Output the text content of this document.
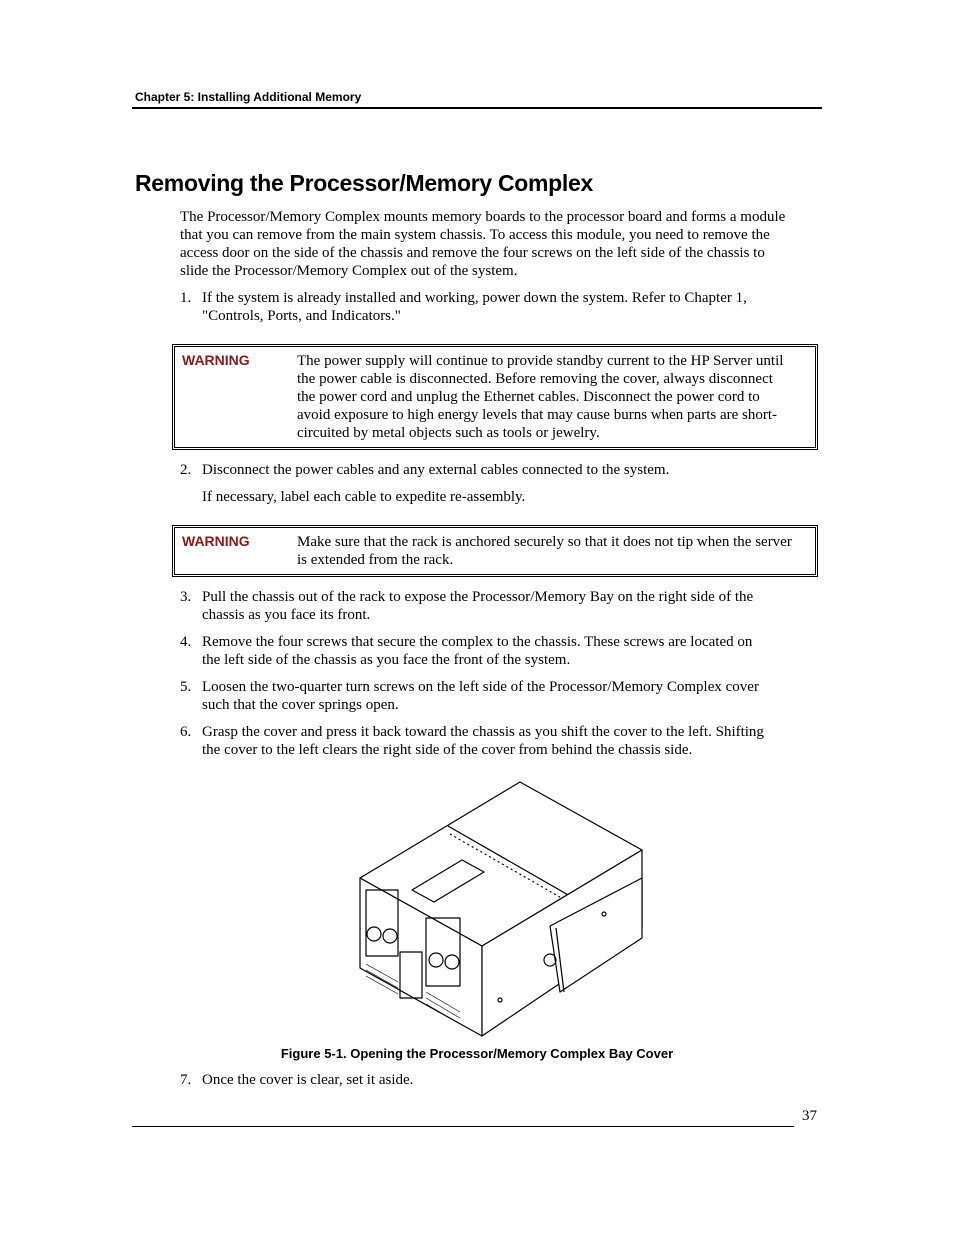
Chapter 5: Installing Additional Memory
Removing the Processor/Memory Complex
The Processor/Memory Complex mounts memory boards to the processor board and forms a module
that you can remove from the main system chassis. To access this module, you need to remove the
access door on the side of the chassis and remove the four screws on the left side of the chassis to
slide the Processor/Memory Complex out of the system.
1. If the system is already installed and working, power down the system. Refer to Chapter 1,
"Controls, Ports, and Indicators."
WARNING	The power supply will continue to provide standby current to the HP Server until
the power cable is disconnected. Before removing the cover, always disconnect
the power cord and unplug the Ethernet cables. Disconnect the power cord to
avoid exposure to high energy levels that may cause burns when parts are short-
circuited by metal objects such as tools or jewelry.
2. Disconnect the power cables and any external cables connected to the system.
If necessary, label each cable to expedite re-assembly.
WARNING	Make sure that the rack is anchored securely so that it does not tip when the server
is extended from the rack.
3. Pull the chassis out of the rack to expose the Processor/Memory Bay on the right side of the
chassis as you face its front.
4. Remove the four screws that secure the complex to the chassis. These screws are located on
the left side of the chassis as you face the front of the system.
5. Loosen the two-quarter turn screws on the left side of the Processor/Memory Complex cover
such that the cover springs open.
6. Grasp the cover and press it back toward the chassis as you shift the cover to the left. Shifting
the cover to the left clears the right side of the cover from behind the chassis side.
Figure 5-1. Opening the Processor/Memory Complex Bay Cover
7. Once the cover is clear, set it aside.
37
